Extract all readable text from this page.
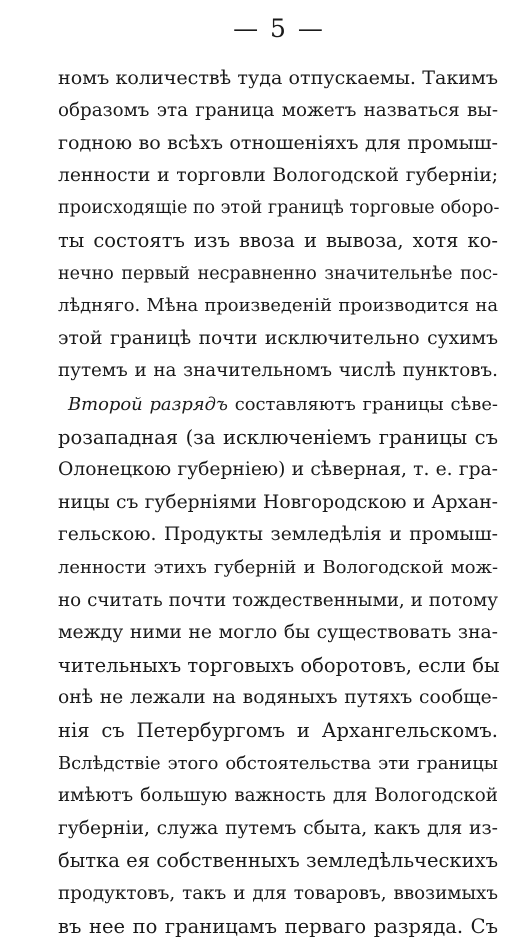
— 5 —
номъ количествѣ туда отпускаемы. Такимъ
образомъ эта граница можетъ назваться вы-
годною во всѣхъ отношеніяхъ для промыш-
ленности и торговли Вологодской губерніи;
происходящіе по этой границѣ торговые оборо-
ты состоятъ изъ ввоза и вывоза, хотя ко-
нечно первый несравненно значительнѣе пос-
лѣдняго. Мѣна произведеній производится на
этой границѣ почти исключительно сухимъ
путемъ и на значительномъ числѣ пунктовъ.
Второй разрядъ составляютъ границы сѣве-
розападная (за исключеніемъ границы съ
Олонецкою губерніею) и сѣверная, т. е. гра-
ницы съ губерніями Новгородскою и Архан-
гельскою. Продукты земледѣлія и промыш-
ленности этихъ губерній и Вологодской мож-
но считать почти тождественными, и потому
между ними не могло бы существовать зна-
чительныхъ торговыхъ оборотовъ, если бы
онѣ не лежали на водяныхъ путяхъ сообще-
нія съ Петербургомъ и Архангельскомъ.
Вслѣдствіе этого обстоятельства эти границы
имѣютъ большую важность для Вологодской
губерніи, служа путемъ сбыта, какъ для из-
бытка ея собственныхъ земледѣльческихъ
продуктовъ, такъ и для товаровъ, ввозимыхъ
въ нее по границамъ перваго разряда. Съ
